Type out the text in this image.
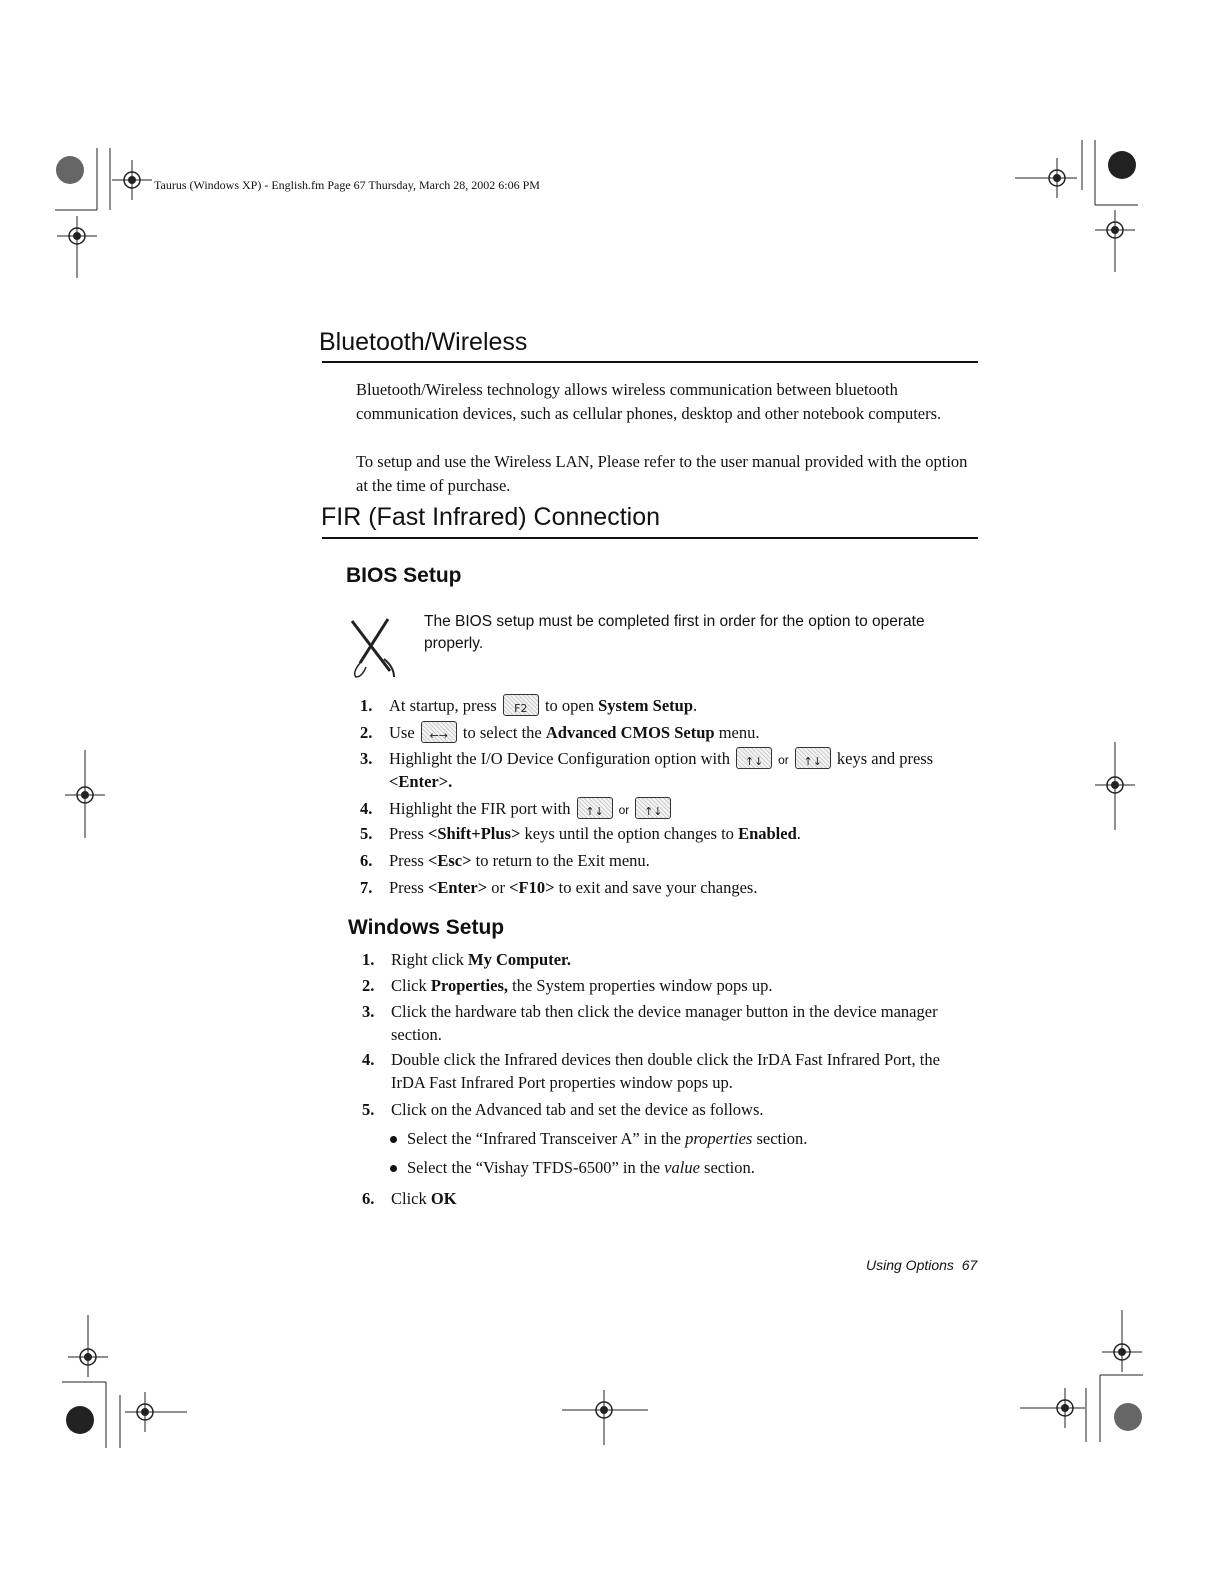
Taurus (Windows XP) - English.fm Page 67 Thursday, March 28, 2002 6:06 PM
Bluetooth/Wireless
Bluetooth/Wireless technology allows wireless communication between bluetooth communication devices, such as cellular phones, desktop and other notebook computers.
To setup and use the Wireless LAN, Please refer to the user manual provided with the option at the time of purchase.
FIR (Fast Infrared) Connection
BIOS Setup
The BIOS setup must be completed first in order for the option to operate properly.
1. At startup, press F2	to open System Setup.
2. Use ←→	to select the Advanced CMOS Setup menu.
3. Highlight the I/O Device Configuration option with ↑↓	or ↑↓	keys and press
<Enter>.
4. Highlight the FIR port with ↑↓	or↑↓
5. Press <Shift+Plus> keys until the option changes to Enabled.
6. Press <Esc> to return to the Exit menu.
7. Press <Enter> or <F10> to exit and save your changes.
Windows Setup
1. Right click My Computer.
2. Click Properties, the System properties window pops up.
3. Click the hardware tab then click the device manager button in the device manager
section.
4. Double click the Infrared devices then double click the IrDA Fast Infrared Port, the
IrDA Fast Infrared Port properties window pops up.
5. Click on the Advanced tab and set the device as follows.
Select the “Infrared Transceiver A” in the properties section.
Select the “Vishay TFDS-6500” in the value section.
6. Click OK
Using Options 67
